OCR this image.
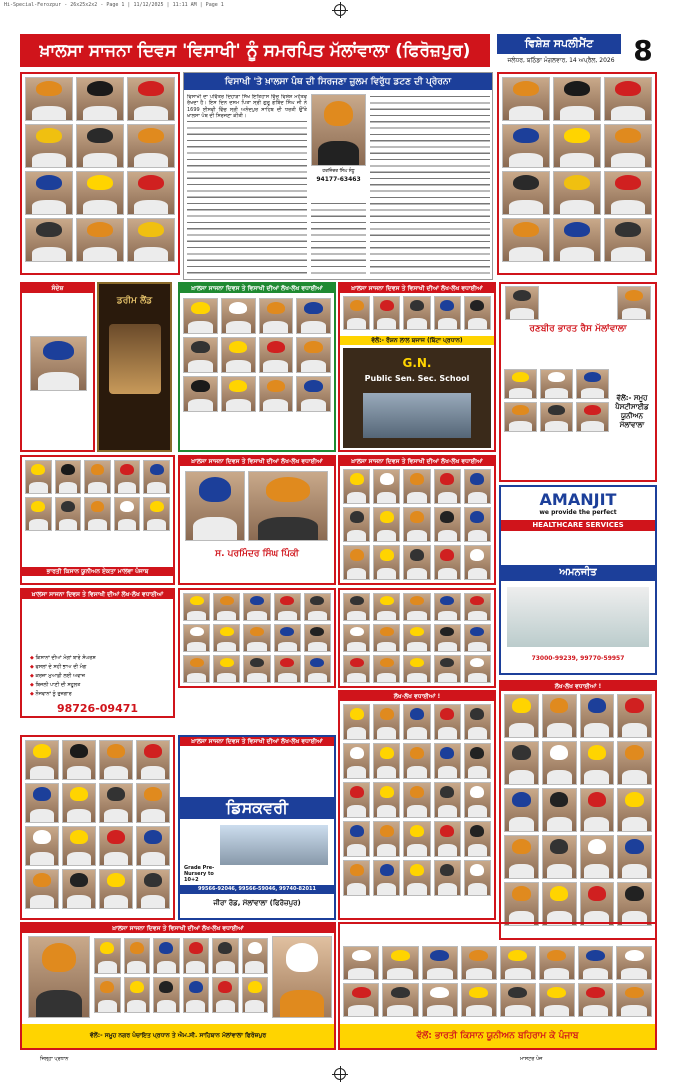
Hi-Special-Ferozpur - 26x25x2x2 - Page 1 | 11/12/2025 | 11:11 AM | Page 1
ਖ਼ਾਲਸਾ ਸਾਜਨਾ ਦਿਵਸ 'ਵਿਸਾਖੀ' ਨੂੰ ਸਮਰਪਿਤ ਮੱਲਾਂਵਾਲਾ (ਫਿਰੋਜ਼ਪੁਰ)	ਵਿਸ਼ੇਸ਼ ਸਪਲੀਮੈਂਟ	8
ਜਲੰਧਰ, ਬਠਿੰਡਾ ਮੰਗਲਵਾਰ, 14 ਅਪ੍ਰੈਲ, 2026
ਵਿਸਾਖੀ 'ਤੇ ਖ਼ਾਲਸਾ ਪੰਥ ਦੀ ਸਿਰਜਣਾ ਜ਼ੁਲਮ ਵਿਰੁੱਧ ਡਟਣ ਦੀ ਪ੍ਰੇਰਨਾ
ਵਿਸਾਖੀ ਦਾ ਪਵਿੱਤਰ ਦਿਹਾੜਾ ਸਿੱਖ ਇਤਿਹਾਸ ਵਿੱਚ ਵਿਸ਼ੇਸ਼ ਮਹੱਤਵ ਰੱਖਦਾ ਹੈ। ਇਸ ਦਿਨ ਦਸਮ ਪਿਤਾ ਸ੍ਰੀ ਗੁਰੂ ਗੋਬਿੰਦ ਸਿੰਘ ਜੀ ਨੇ 1699 ਈਸਵੀ ਵਿੱਚ ਸ੍ਰੀ ਅਨੰਦਪੁਰ ਸਾਹਿਬ ਦੀ ਧਰਤੀ ਉੱਤੇ ਖ਼ਾਲਸਾ ਪੰਥ ਦੀ ਸਿਰਜਣਾ ਕੀਤੀ।
ਹਰਜਿੰਦਰ ਸਿੰਘ ਸੰਧੂ
94177-63463
ਸੰਦੇਸ਼
ਡਰੀਮ ਲੈਂਡ
ਖ਼ਾਲਸਾ ਸਾਜਨਾ ਦਿਵਸ ਤੇ ਵਿਸਾਖੀ ਦੀਆਂ ਲੱਖ-ਲੱਖ ਵਧਾਈਆਂ	ਖ਼ਾਲਸਾ ਸਾਜਨਾ ਦਿਵਸ ਤੇ ਵਿਸਾਖੀ ਦੀਆਂ ਲੱਖ-ਲੱਖ ਵਧਾਈਆਂ
ਵੱਲੋਂ:- ਰੌਸ਼ਨ ਲਾਲ ਬਜਾਜ (ਬਿੱਟਾ ਪ੍ਰਧਾਨ)
G.N.
Public Sen. Sec. School
ਰਣਬੀਰ ਭਾਰਤ ਰੈਸ ਮੱਲਾਂਵਾਲਾ
ਵੱਲੋਂ:- ਸਮੂਹ ਪੈਸਟੀਸਾਈਡ ਯੂਨੀਅਨ ਮੱਲਾਂਵਾਲਾ
ਭਾਰਤੀ ਕਿਸਾਨ ਯੂਨੀਅਨ ਏਕਤਾ ਮਾਲਵਾ ਪੰਜਾਬ
ਖ਼ਾਲਸਾ ਸਾਜਨਾ ਦਿਵਸ ਤੇ ਵਿਸਾਖੀ ਦੀਆਂ ਲੱਖ-ਲੱਖ ਵਧਾਈਆਂ
ਸ. ਪਰਮਿੰਦਰ ਸਿੰਘ ਪਿੰਕੀ
ਖ਼ਾਲਸਾ ਸਾਜਨਾ ਦਿਵਸ ਤੇ ਵਿਸਾਖੀ ਦੀਆਂ ਲੱਖ-ਲੱਖ ਵਧਾਈਆਂ
AMANJIT
we provide the perfect
HEALTHCARE SERVICES
ਅਮਨਜੀਤ
73000-99239, 99770-59957
ਖ਼ਾਲਸਾ ਸਾਜਨਾ ਦਿਵਸ ਤੇ ਵਿਸਾਖੀ ਦੀਆਂ ਲੱਖ-ਲੱਖ ਵਧਾਈਆਂ
◆ ਕਿਸਾਨਾਂ ਦੀਆਂ ਮੰਗਾਂ ਬਾਰੇ ਸੰਘਰਸ਼
◆ ਫਸਲਾਂ ਦੇ ਸਹੀ ਭਾਅ ਦੀ ਮੰਗ
◆ ਕਰਜ਼ਾ ਮੁਆਫ਼ੀ ਲਈ ਅਵਾਜ਼
◆ ਬਿਜਲੀ ਪਾਣੀ ਦੀ ਸਹੂਲਤ
◆ ਨੌਜਵਾਨਾਂ ਨੂੰ ਰੁਜ਼ਗਾਰ
98726-09471
ਖ਼ਾਲਸਾ ਸਾਜਨਾ ਦਿਵਸ ਤੇ ਵਿਸਾਖੀ ਦੀਆਂ ਲੱਖ-ਲੱਖ ਵਧਾਈਆਂ
ਡਿਸਕਵਰੀ
Grade Pre-Nursery to 10+2
99566-92046, 99566-59046, 99740-82011
ਜੀਰਾ ਰੋਡ, ਮੱਲਾਂਵਾਲਾ (ਫਿਰੋਜ਼ਪੁਰ)
ਲੱਖ-ਲੱਖ ਵਧਾਈਆਂ !
ਲੱਖ-ਲੱਖ ਵਧਾਈਆਂ !
ਖ਼ਾਲਸਾ ਸਾਜਨਾ ਦਿਵਸ ਤੇ ਵਿਸਾਖੀ ਦੀਆਂ ਲੱਖ-ਲੱਖ ਵਧਾਈਆਂ
ਵੱਲੋਂ:- ਸਮੂਹ ਨਗਰ ਪੰਚਾਇਤ ਪ੍ਰਧਾਨ ਤੇ ਐਮ.ਸੀ. ਸਾਹਿਬਾਨ ਮੱਲਾਂਵਾਲਾ ਫਿਰੋਜ਼ਪੁਰ	ਵੱਲੋਂ: ਭਾਰਤੀ ਕਿਸਾਨ ਯੂਨੀਅਨ ਬਹਿਰਾਮ ਕੇ ਪੰਜਾਬ
ਜਿਲ੍ਹਾ ਪ੍ਰਧਾਨ	ਮਾਸਟਰ ਪੇਜ
